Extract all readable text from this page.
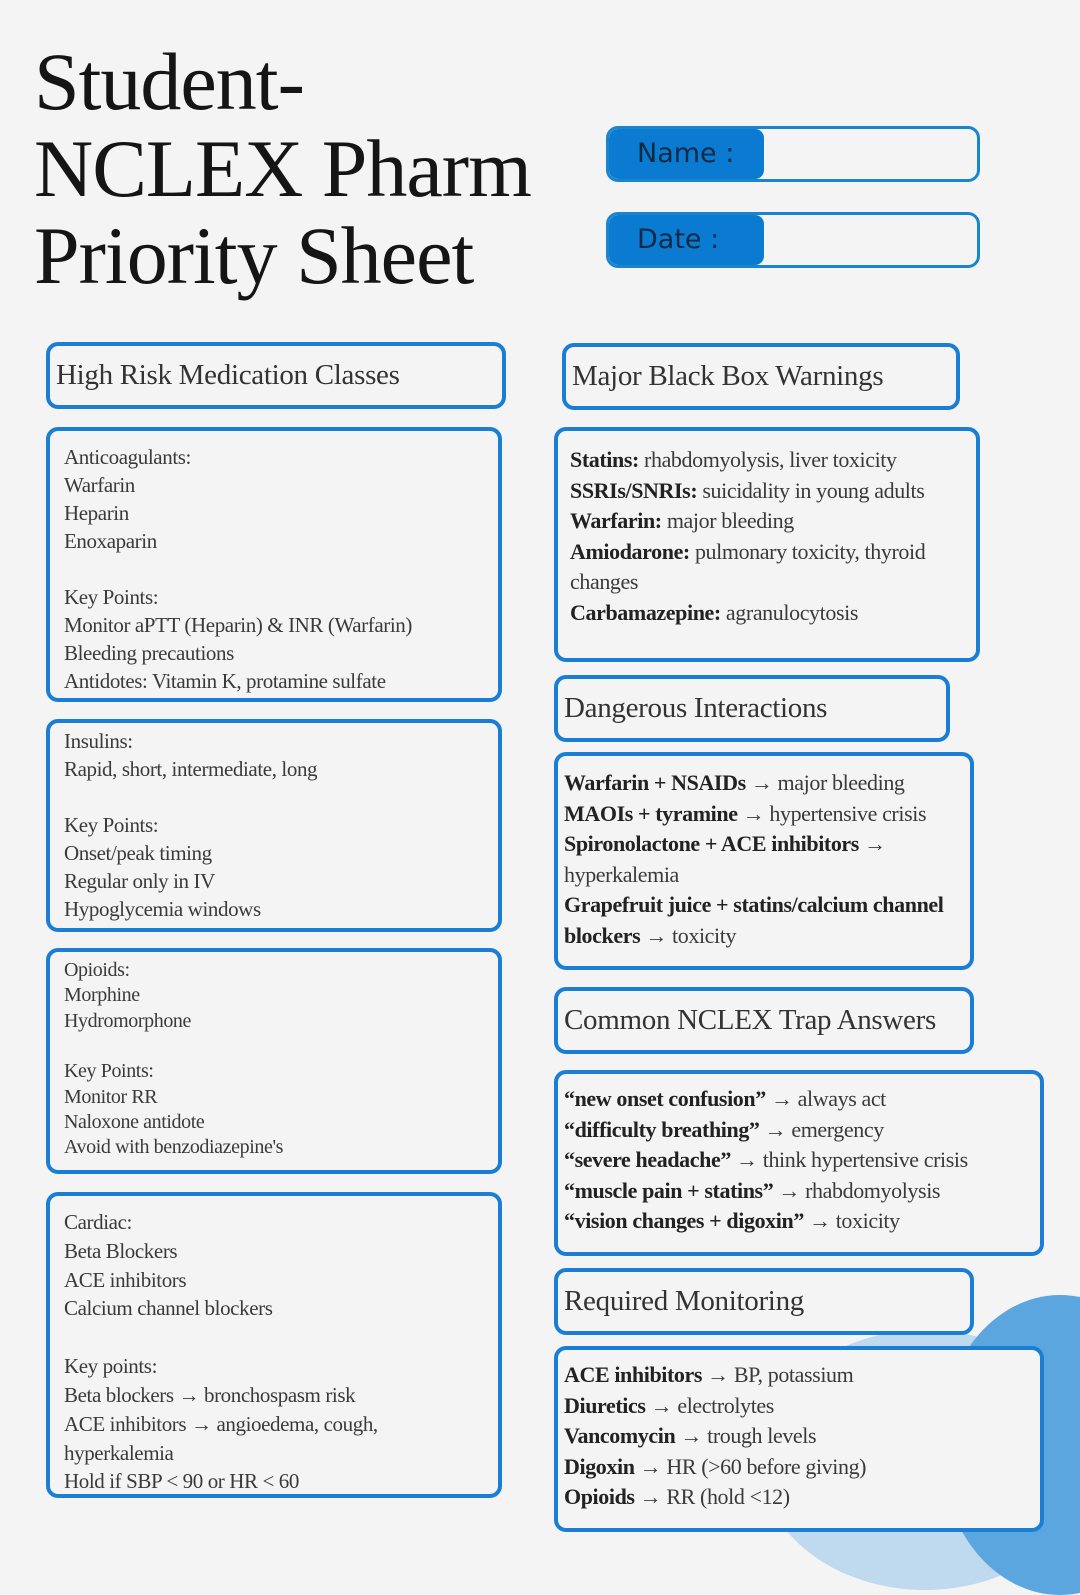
Student-
NCLEX Pharm
Priority Sheet
Name :
Date :
High Risk Medication Classes
Anticoagulants:
Warfarin
Heparin
Enoxaparin
Key Points:
Monitor aPTT (Heparin) & INR (Warfarin)
Bleeding precautions
Antidotes: Vitamin K, protamine sulfate
Insulins:
Rapid, short, intermediate, long
Key Points:
Onset/peak timing
Regular only in IV
Hypoglycemia windows
Opioids:
Morphine
Hydromorphone
Key Points:
Monitor RR
Naloxone antidote
Avoid with benzodiazepine's
Cardiac:
Beta Blockers
ACE inhibitors
Calcium channel blockers
Key points:
Beta blockers → bronchospasm risk
ACE inhibitors → angioedema, cough,
hyperkalemia
Hold if SBP < 90 or HR < 60
Major Black Box Warnings
Statins: rhabdomyolysis, liver toxicity
SSRIs/SNRIs: suicidality in young adults
Warfarin: major bleeding
Amiodarone: pulmonary toxicity, thyroid changes
Carbamazepine: agranulocytosis
Dangerous Interactions
Warfarin + NSAIDs → major bleeding
MAOIs + tyramine → hypertensive crisis
Spironolactone + ACE inhibitors → hyperkalemia
Grapefruit juice + statins/calcium channel blockers → toxicity
Common NCLEX Trap Answers
“new onset confusion” → always act
“difficulty breathing” → emergency
“severe headache” → think hypertensive crisis
“muscle pain + statins” → rhabdomyolysis
“vision changes + digoxin” → toxicity
Required Monitoring
ACE inhibitors → BP, potassium
Diuretics → electrolytes
Vancomycin → trough levels
Digoxin → HR (>60 before giving)
Opioids → RR (hold <12)
